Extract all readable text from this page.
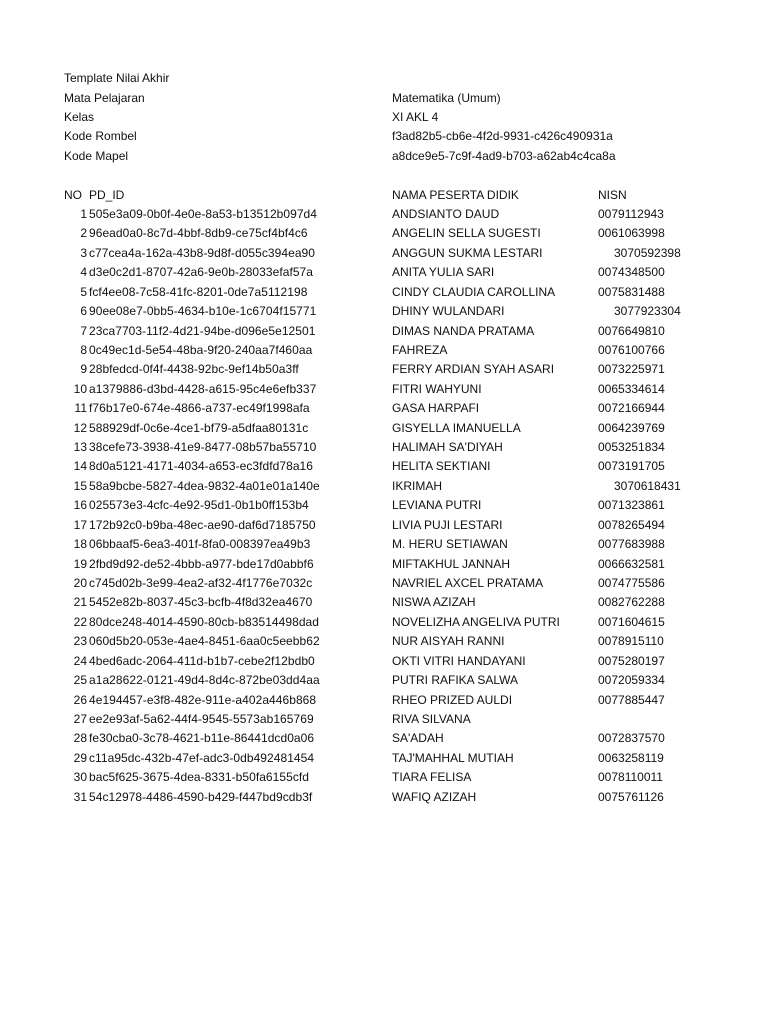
Template Nilai Akhir
Mata Pelajaran	Matematika (Umum)
Kelas	XI AKL 4
Kode Rombel	f3ad82b5-cb6e-4f2d-9931-c426c490931a
Kode Mapel	a8dce9e5-7c9f-4ad9-b703-a62ab4c4ca8a
NO PD_ID	NAMA PESERTA DIDIK	NISN
1 505e3a09-0b0f-4e0e-8a53-b13512b097d4	ANDSIANTO DAUD	0079112943
2 96ead0a0-8c7d-4bbf-8db9-ce75cf4bf4c6	ANGELIN SELLA SUGESTI	0061063998
3 c77cea4a-162a-43b8-9d8f-d055c394ea90	ANGGUN SUKMA LESTARI	3070592398
4 d3e0c2d1-8707-42a6-9e0b-28033efaf57a	ANITA YULIA SARI	0074348500
5 fcf4ee08-7c58-41fc-8201-0de7a5112198	CINDY CLAUDIA CAROLLINA	0075831488
6 90ee08e7-0bb5-4634-b10e-1c6704f15771	DHINY WULANDARI	3077923304
7 23ca7703-11f2-4d21-94be-d096e5e12501	DIMAS NANDA PRATAMA	0076649810
8 0c49ec1d-5e54-48ba-9f20-240aa7f460aa	FAHREZA	0076100766
9 28bfedcd-0f4f-4438-92bc-9ef14b50a3ff	FERRY ARDIAN SYAH ASARI	0073225971
10 a1379886-d3bd-4428-a615-95c4e6efb337	FITRI WAHYUNI	0065334614
11 f76b17e0-674e-4866-a737-ec49f1998afa	GASA HARPAFI	0072166944
12 588929df-0c6e-4ce1-bf79-a5dfaa80131c	GISYELLA IMANUELLA	0064239769
13 38cefe73-3938-41e9-8477-08b57ba55710	HALIMAH SA'DIYAH	0053251834
14 8d0a5121-4171-4034-a653-ec3fdfd78a16	HELITA SEKTIANI	0073191705
15 58a9bcbe-5827-4dea-9832-4a01e01a140e	IKRIMAH	3070618431
16 025573e3-4cfc-4e92-95d1-0b1b0ff153b4	LEVIANA PUTRI	0071323861
17 172b92c0-b9ba-48ec-ae90-daf6d7185750	LIVIA PUJI LESTARI	0078265494
18 06bbaaf5-6ea3-401f-8fa0-008397ea49b3	M. HERU SETIAWAN	0077683988
19 2fbd9d92-de52-4bbb-a977-bde17d0abbf6	MIFTAKHUL JANNAH	0066632581
20 c745d02b-3e99-4ea2-af32-4f1776e7032c	NAVRIEL AXCEL PRATAMA	0074775586
21 5452e82b-8037-45c3-bcfb-4f8d32ea4670	NISWA AZIZAH	0082762288
22 80dce248-4014-4590-80cb-b83514498dad	NOVELIZHA ANGELIVA PUTRI	0071604615
23 060d5b20-053e-4ae4-8451-6aa0c5eebb62	NUR AISYAH RANNI	0078915110
24 4bed6adc-2064-411d-b1b7-cebe2f12bdb0	OKTI VITRI HANDAYANI	0075280197
25 a1a28622-0121-49d4-8d4c-872be03dd4aa	PUTRI RAFIKA SALWA	0072059334
26 4e194457-e3f8-482e-911e-a402a446b868	RHEO PRIZED AULDI	0077885447
27 ee2e93af-5a62-44f4-9545-5573ab165769	RIVA SILVANA
28 fe30cba0-3c78-4621-b11e-86441dcd0a06	SA'ADAH	0072837570
29 c11a95dc-432b-47ef-adc3-0db492481454	TAJ'MAHHAL MUTIAH	0063258119
30 bac5f625-3675-4dea-8331-b50fa6155cfd	TIARA FELISA	0078110011
31 54c12978-4486-4590-b429-f447bd9cdb3f	WAFIQ AZIZAH	0075761126
